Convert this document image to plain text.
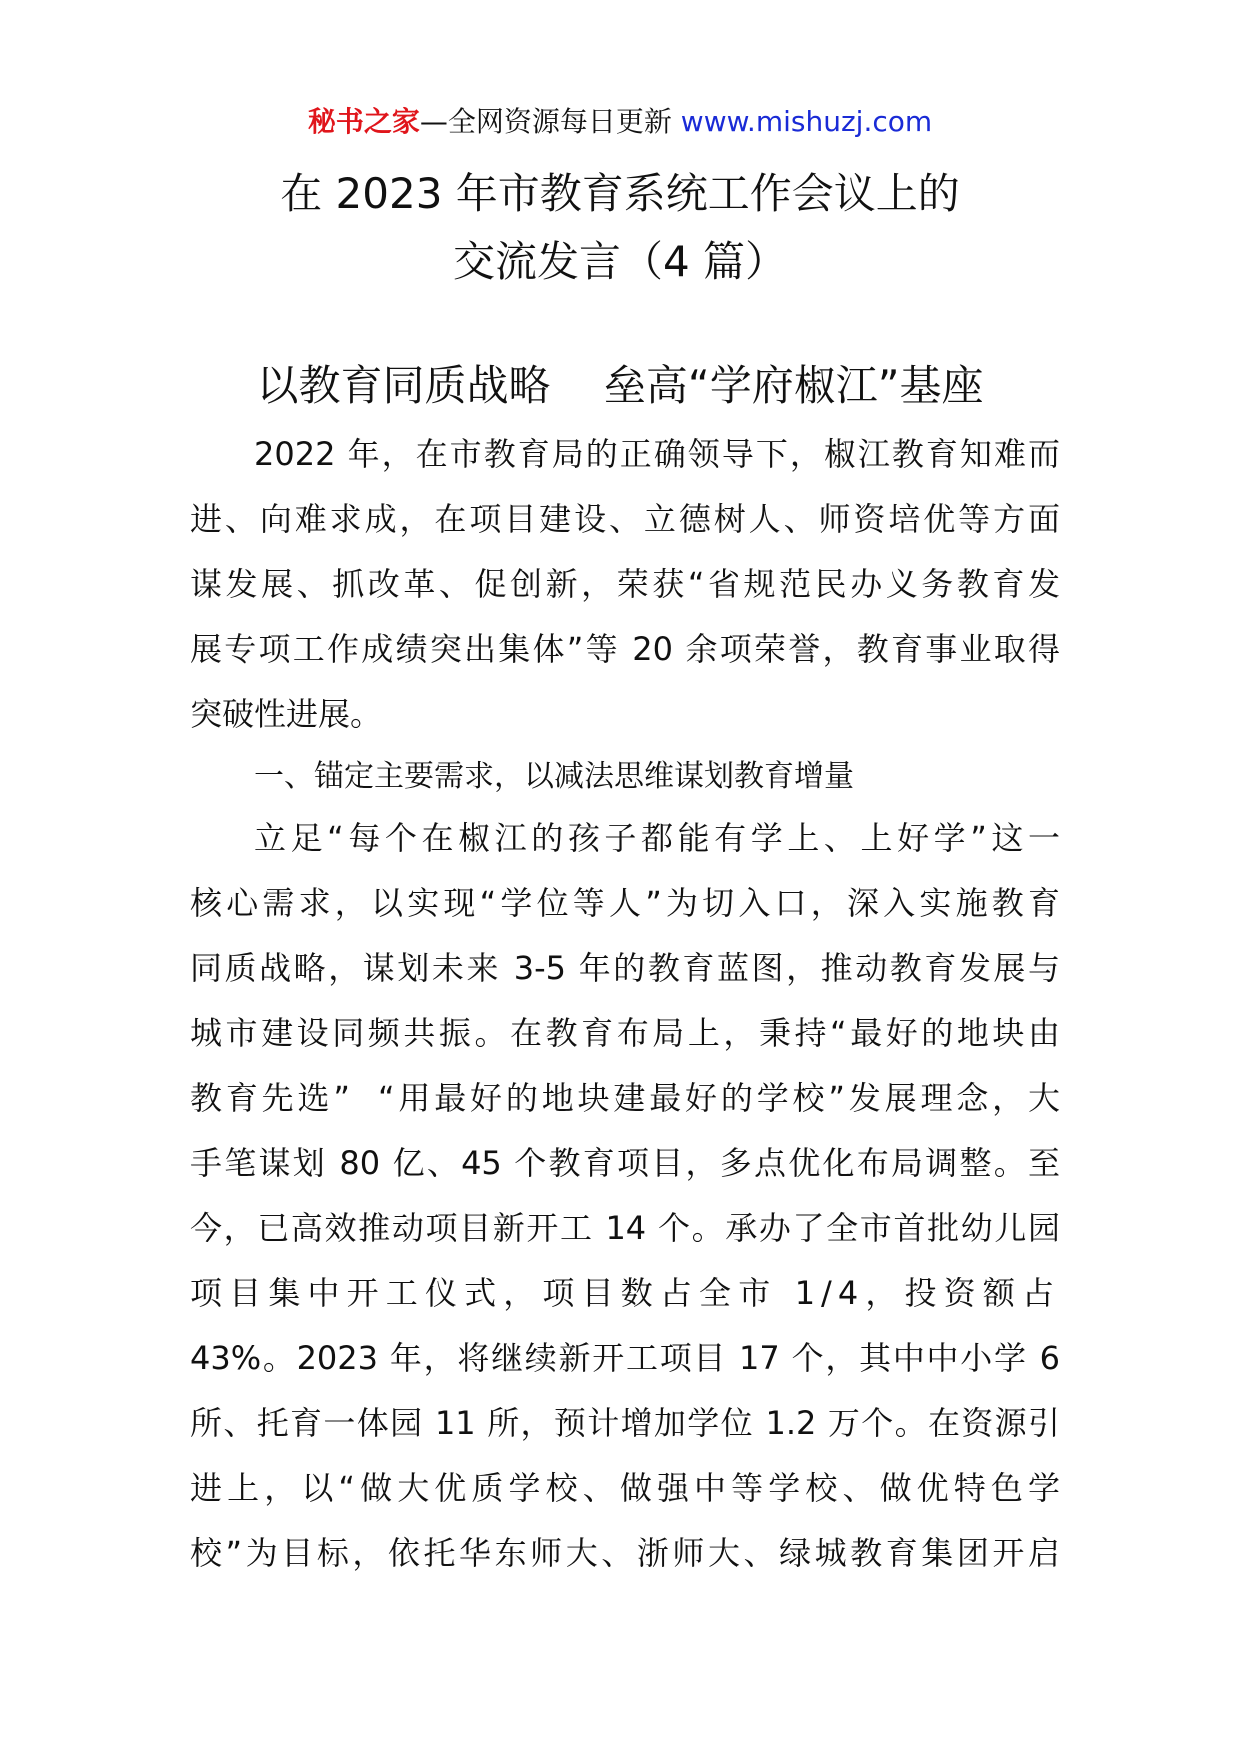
秘书之家—全网资源每日更新 www.mishuzj.com
在 2023 年市教育系统工作会议上的
交流发言（4 篇）
以教育同质战略    垒高“学府椒江”基座
2022 年，在市教育局的正确领导下，椒江教育知难而
进、向难求成，在项目建设、立德树人、师资培优等方面
谋发展、抓改革、促创新，荣获“省规范民办义务教育发
展专项工作成绩突出集体”等 20 余项荣誉，教育事业取得
突破性进展。
一、锚定主要需求，以减法思维谋划教育增量
立足“每个在椒江的孩子都能有学上、上好学”这一
核心需求，以实现“学位等人”为切入口，深入实施教育
同质战略，谋划未来 3-5 年的教育蓝图，推动教育发展与
城市建设同频共振。在教育布局上，秉持“最好的地块由
教育先选”  “用最好的地块建最好的学校”发展理念，大
手笔谋划 80 亿、45 个教育项目，多点优化布局调整。至
今，已高效推动项目新开工 14 个。承办了全市首批幼儿园
项目集中开工仪式，项目数占全市 1/4，投资额占
43%。2023 年，将继续新开工项目 17 个，其中中小学 6
所、托育一体园 11 所，预计增加学位 1.2 万个。在资源引
进上，以“做大优质学校、做强中等学校、做优特色学
校”为目标，依托华东师大、浙师大、绿城教育集团开启
